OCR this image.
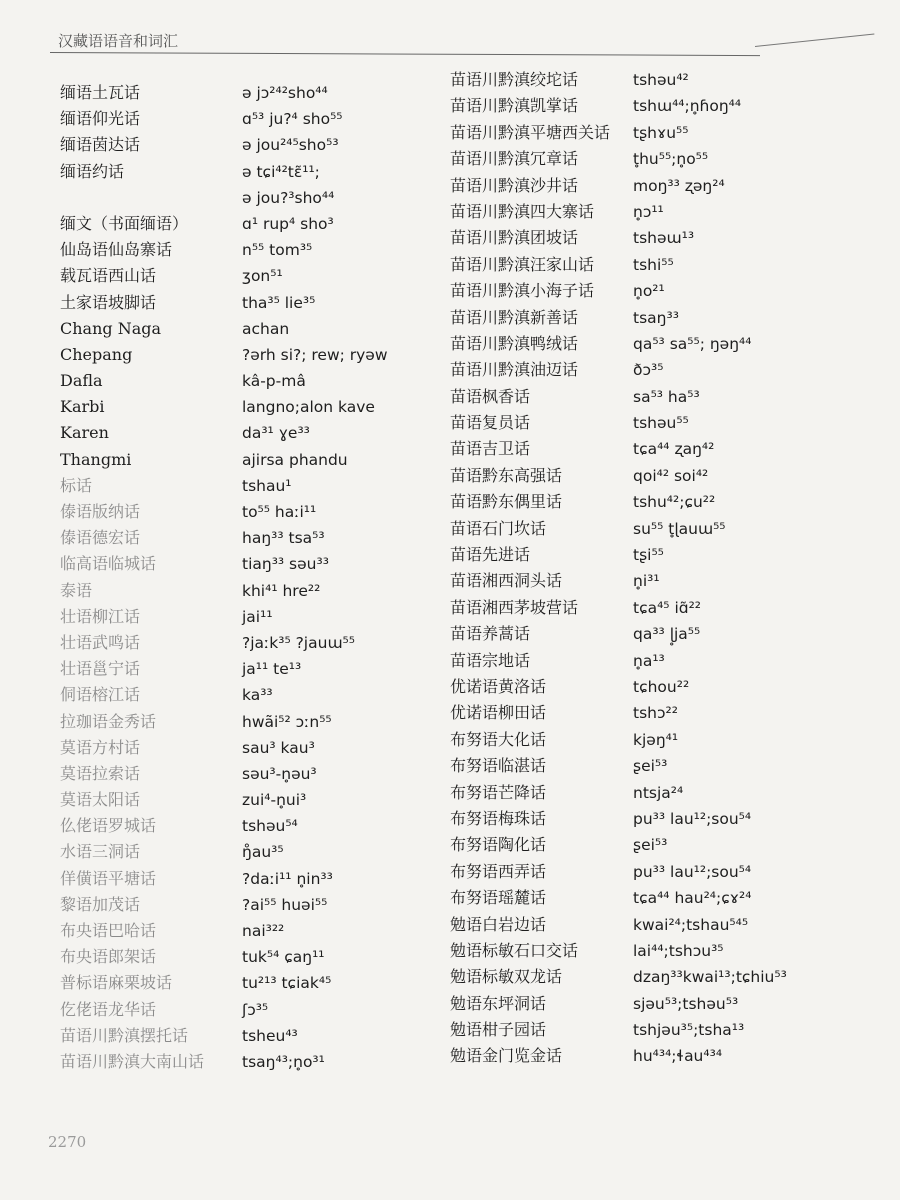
汉藏语语音和词汇
缅语土瓦话	ə jɔ²⁴²sho⁴⁴
缅语仰光话	ɑ⁵³ ju?⁴ sho⁵⁵
缅语茵达话	ə jou²⁴⁵sho⁵³
缅语约话	ə tɕi⁴²tɛ̃¹¹;
ə jou?³sho⁴⁴
缅文（书面缅语）	ɑ¹ rup⁴ sho³
仙岛语仙岛寨话	n⁵⁵ tom³⁵
载瓦语西山话	ʒon⁵¹
土家语坡脚话	tha³⁵ lie³⁵
Chang Naga	achan
Chepang	?ərh si?; rew; ryəw
Dafla	kâ-p-mâ
Karbi	langno;alon kave
Karen	da³¹ ɣe³³
Thangmi	ajirsa phandu
标话	tshau¹
傣语版纳话	to⁵⁵ haːi¹¹
傣语德宏话	haŋ³³ tsa⁵³
临高语临城话	tiaŋ³³ səu³³
泰语	khi⁴¹ hre²²
壮语柳江话	jai¹¹
壮语武鸣话	?jaːk³⁵ ?jauɯ⁵⁵
壮语邕宁话	ja¹¹ te¹³
侗语榕江话	ka³³
拉珈语金秀话	hwãi⁵² ɔːn⁵⁵
莫语方村话	sau³ kau³
莫语拉索话	səu³-n̥əu³
莫语太阳话	zui⁴-n̥ui³
仫佬语罗城话	tshəu⁵⁴
水语三洞话	ŋ̊au³⁵
佯僙语平塘话	?daːi¹¹ n̥in³³
黎语加茂话	?ai⁵⁵ huəi⁵⁵
布央语巴哈话	nai³²²
布央语郎架话	tuk⁵⁴ ɕaŋ¹¹
普标语麻栗坡话	tu²¹³ tɕiak⁴⁵
仡佬语龙华话	ʃɔ³⁵
苗语川黔滇摆托话	tsheu⁴³
苗语川黔滇大南山话 tsaŋ⁴³;n̥o³¹
苗语川黔滇绞坨话	tshəu⁴²
苗语川黔滇凯掌话	tshɯ⁴⁴;n̥ɦoŋ⁴⁴
苗语川黔滇平塘西关话 tʂhɤu⁵⁵
苗语川黔滇冗章话	t̥hu⁵⁵;n̥o⁵⁵
苗语川黔滇沙井话	moŋ³³ ʐəŋ²⁴
苗语川黔滇四大寨话	n̥ɔ¹¹
苗语川黔滇团坡话	tshəɯ¹³
苗语川黔滇汪家山话	tshi⁵⁵
苗语川黔滇小海子话	n̥o²¹
苗语川黔滇新善话	tsaŋ³³
苗语川黔滇鸭绒话	qa⁵³ sa⁵⁵; ŋəŋ⁴⁴
苗语川黔滇油迈话	ðɔ³⁵
苗语枫香话	sa⁵³ ha⁵³
苗语复员话	tshəu⁵⁵
苗语吉卫话	tɕa⁴⁴ ʐaŋ⁴²
苗语黔东高强话	qoi⁴² soi⁴²
苗语黔东偶里话	tshu⁴²;ɕu²²
苗语石门坎话	su⁵⁵ t̥ɭauɯ⁵⁵
苗语先进话	tʂi⁵⁵
苗语湘西洞头话	n̥i³¹
苗语湘西茅坡营话	tɕa⁴⁵ iɑ̃²²
苗语养蒿话	qa³³ ɭ̥ja⁵⁵
苗语宗地话	n̥a¹³
优诺语黄洛话	tɕhou²²
优诺语柳田话	tshɔ²²
布努语大化话	kjəŋ⁴¹
布努语临湛话	ʂei⁵³
布努语芒降话	ntsja²⁴
布努语梅珠话	pu³³ lau¹²;sou⁵⁴
布努语陶化话	ʂei⁵³
布努语西弄话	pu³³ lau¹²;sou⁵⁴
布努语瑶麓话	tɕa⁴⁴ hau²⁴;ɕɤ²⁴
勉语白岩边话	kwai²⁴;tshau⁵⁴⁵
勉语标敏石口交话	lai⁴⁴;tshɔu³⁵
勉语标敏双龙话	dzaŋ³³kwai¹³;tɕhiu⁵³
勉语东坪洞话	sjəu⁵³;tshəu⁵³
勉语柑子园话	tshjəu³⁵;tsha¹³
勉语金门览金话	hu⁴³⁴;ɬau⁴³⁴
2270
